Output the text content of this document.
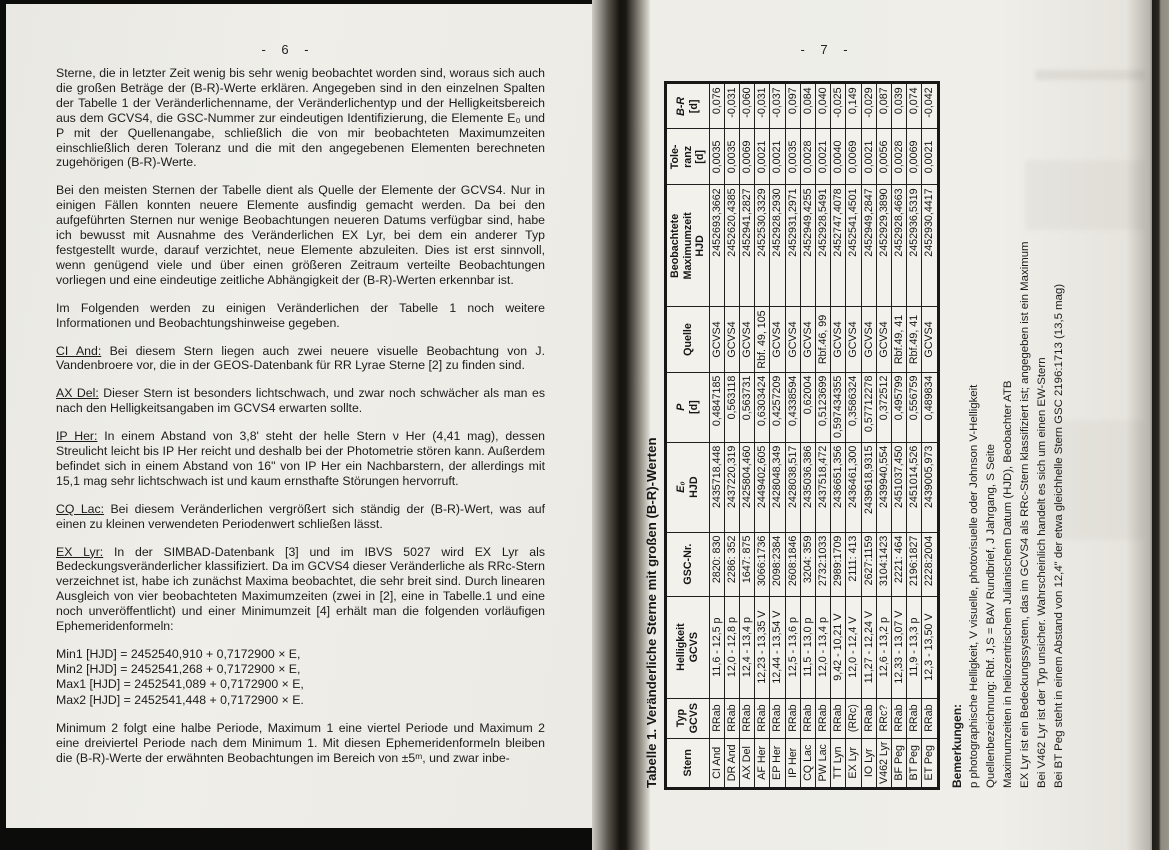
- 6 -

Sterne, die in letzter Zeit wenig bis sehr wenig beobachtet worden sind, woraus sich auch die großen Beträge der (B-R)-Werte erklären. Angegeben sind in den einzelnen Spalten der Tabelle 1 der Veränderlichenname, der Veränderlichentyp und der Helligkeitsbereich aus dem GCVS4, die GSC-Nummer zur eindeutigen Identifizierung, die Elemente E₀ und P mit der Quellenangabe, schließlich die von mir beobachteten Maximumzeiten einschließlich deren Toleranz und die mit den angegebenen Elementen berechneten zugehörigen (B-R)-Werte.

Bei den meisten Sternen der Tabelle dient als Quelle der Elemente der GCVS4. Nur in einigen Fällen konnten neuere Elemente ausfindig gemacht werden. Da bei den aufgeführten Sternen nur wenige Beobachtungen neueren Datums verfügbar sind, habe ich bewusst mit Ausnahme des Veränderlichen EX Lyr, bei dem ein anderer Typ festgestellt wurde, darauf verzichtet, neue Elemente abzuleiten. Dies ist erst sinnvoll, wenn genügend viele und über einen größeren Zeitraum verteilte Beobachtungen vorliegen und eine eindeutige zeitliche Abhängigkeit der (B-R)-Werten erkennbar ist.

Im Folgenden werden zu einigen Veränderlichen der Tabelle 1 noch weitere Informationen und Beobachtungshinweise gegeben.

CI And: Bei diesem Stern liegen auch zwei neuere visuelle Beobachtung von J. Vandenbroere vor, die in der GEOS-Datenbank für RR Lyrae Sterne [2] zu finden sind.

AX Del: Dieser Stern ist besonders lichtschwach, und zwar noch schwächer als man es nach den Helligkeitsangaben im GCVS4 erwarten sollte.

IP Her: In einem Abstand von 3,8' steht der helle Stern ν Her (4,41 mag), dessen Streulicht leicht bis IP Her reicht und deshalb bei der Photometrie stören kann. Außerdem befindet sich in einem Abstand von 16" von IP Her ein Nachbarstern, der allerdings mit 15,1 mag sehr lichtschwach ist und kaum ernsthafte Störungen hervorruft.

CQ Lac: Bei diesem Veränderlichen vergrößert sich ständig der (B-R)-Wert, was auf einen zu kleinen verwendeten Periodenwert schließen lässt.

EX Lyr: In der SIMBAD-Datenbank [3] und im IBVS 5027 wird EX Lyr als Bedeckungsveränderlicher klassifiziert. Da im GCVS4 dieser Veränderliche als RRc-Stern verzeichnet ist, habe ich zunächst Maxima beobachtet, die sehr breit sind. Durch linearen Ausgleich von vier beobachteten Maximumzeiten (zwei in [2], eine in Tabelle.1 und eine noch unveröffentlicht) und einer Minimumzeit [4] erhält man die folgenden vorläufigen Ephemeridenformeln:

Min1 [HJD] = 2452540,910 + 0,7172900 × E,
Min2 [HJD] = 2452541,268 + 0,7172900 × E,
Max1 [HJD] = 2452541,089 + 0,7172900 × E,
Max2 [HJD] = 2452541,448 + 0,7172900 × E.

Minimum 2 folgt eine halbe Periode, Maximum 1 eine viertel Periode und Maximum 2 eine dreiviertel Periode nach dem Minimum 1. Mit diesen Ephemeridenformeln bleiben die (B-R)-Werte der erwähnten Beobachtungen im Bereich von ±5ᵐ, und zwar inbe-

- 7 -
Tabelle 1. Veränderliche Sterne mit großen (B-R)-Werten Stern	Typ GCVS	Helligkeit GCVS	GSC-Nr.	E₀ HJD	P [d]	Quelle	Beobachtete Maximumzeit HJD	Tole- ranz [d]	B-R [d]

CI And	RRab	11,6 - 12,5 p	2820: 830	2435718,448	0,4847185	GCVS4	2452693,3662	0,0035	0,076
DR And	RRab	12,0 - 12,8 p	2286: 352	2437220,319	0,563118	GCVS4	2452620,4385	0,0035	-0,031
AX Del	RRab	12,4 - 13,4 p	1647: 875	2425804,460	0,563731	GCVS4	2452941,2827	0,0069	-0,060
AF Her	RRab	12,23 - 13,35 V	3066:1736	2449402,605	0,6303424	Rbf. 49, 105	2452530,3329	0,0021	-0,031
EP Her	RRab	12,44 - 13,54 V	2098:2384	2428048,349	0,4257209	GCVS4	2452928,2930	0,0021	-0,037
IP Her	RRab	12,5 - 13,6 p	2608:1846	2428038,517	0,4338594	GCVS4	2452931,2971	0,0035	0,097
CQ Lac	RRab	11,5 - 13,0 p	3204: 359	2435036,386	0,62004	GCVS4	2452949,4255	0,0028	0,084
PW Lac	RRab	12,0 - 13,4 p	2732:1033	2437518,472	0,5123699	Rbf.46, 99	2452928,5491	0,0021	0,040
TT Lyn	RRab	9,42 - 10,21 V	2989:1709	2436651,356	0,597434355	GCVS4	2452747,4078	0,0040	-0,025
EX Lyr	(RRc)	12,0 - 12,4 V	2111: 413	2436461,300	0,3586324	GCVS4	2452541,4501	0,0069	0,149
IO Lyr	RRab	11,27 - 12,24 V	2627:1159	2439618,9315	0,57712278	GCVS4	2452949,2847	0,0021	-0,029
V462 Lyr	RRc?	12,6 - 13,2 p	3104:1423	2439940,554	0,372512	GCVS4	2452929,3890	0,0056	0,087
BF Peg	RRab	12,33 - 13,07 V	2221: 464	2451037,450	0,495799	Rbf.49, 41	2452928,4663	0,0028	0,039
BT Peg	RRab	11,9 - 13,3 p	2196:1827	2451014,526	0,556759	Rbf.49, 41	2452936,5319	0,0069	0,074
ET Peg	RRab	12,3 - 13,50 V	2228:2004	2439005,973	0,489834	GCVS4	2452930,4417	0,0021	-0,042
Bemerkungen: p photographische Helligkeit, V visuelle, photovisuelle oder Johnson V-Helligkeit Quellenbezeichnung: Rbf. J,S = BAV Rundbrief, J Jahrgang, S Seite Maximumzeiten in heliozentrischem Julianischem Datum (HJD), Beobachter ATB EX Lyr ist ein Bedeckungssystem, das im GCVS4 als RRc-Stern klassifiziert ist; angegeben ist ein Maximum Bei V462 Lyr ist der Typ unsicher. Wahrscheinlich handelt es sich um einen EW-Stern Bei BT Peg steht in einem Abstand von 12,4" der etwa gleichhelle Stern GSC 2196:1713 (13,5 mag)
